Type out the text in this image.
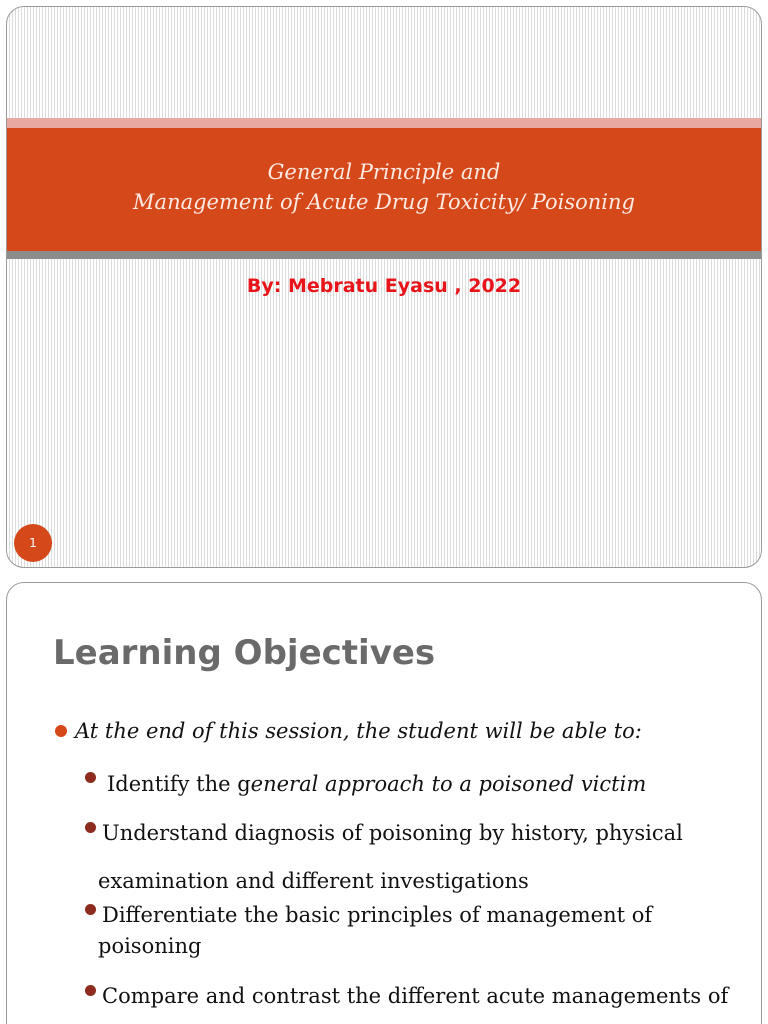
General Principle and
Management of Acute Drug Toxicity/ Poisoning
By: Mebratu Eyasu , 2022
1
Learning Objectives
At the end of this session, the student will be able to:
Identify the general approach to a poisoned victim
Understand diagnosis of poisoning by history, physical
examination and different investigations
Differentiate the basic principles of management of
poisoning
Compare and contrast the different acute managements of
